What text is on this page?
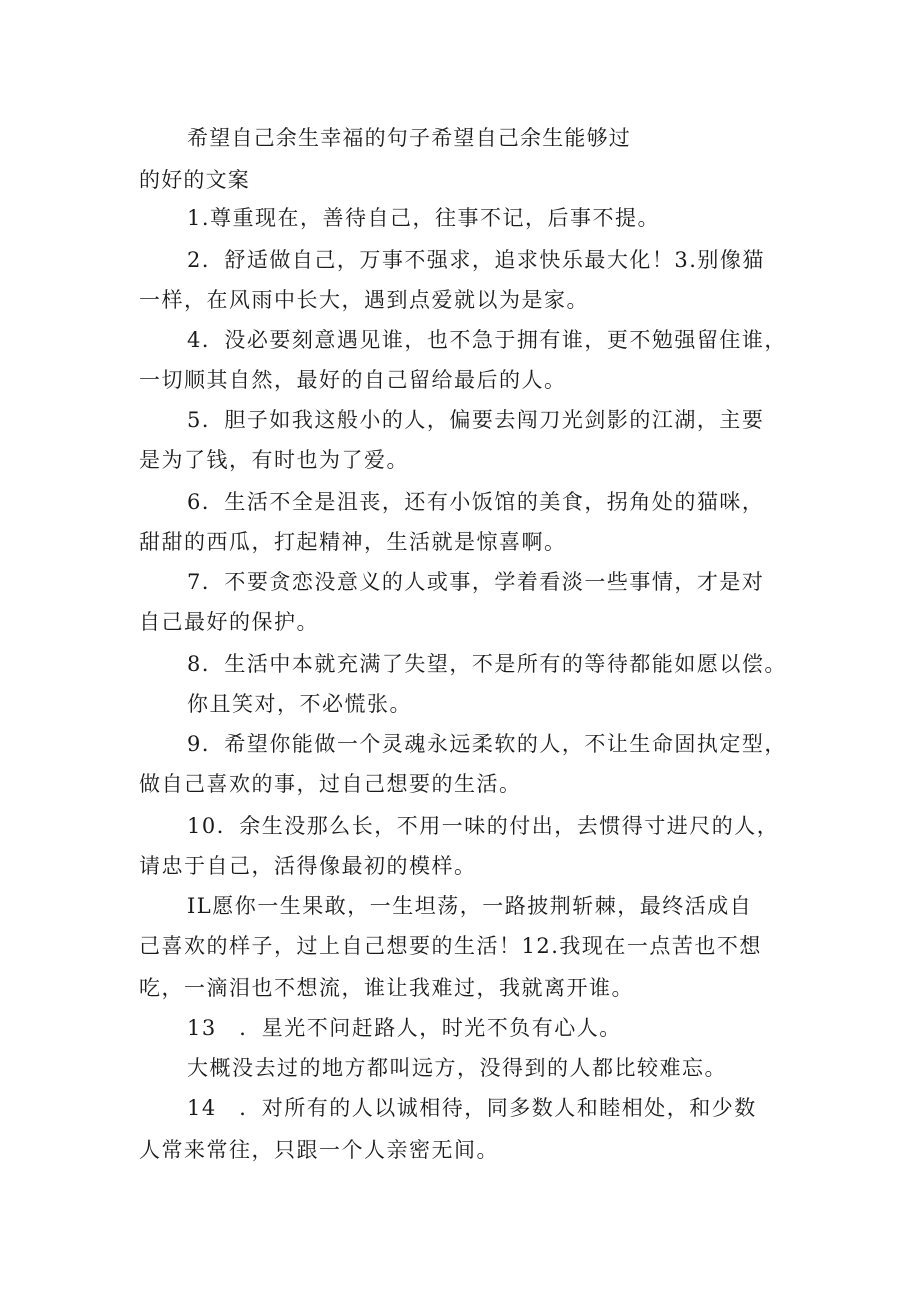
希望自己余生幸福的句子希望自己余生能够过
的好的文案
1.尊重现在，善待自己，往事不记，后事不提。
2．舒适做自己，万事不强求，追求快乐最大化！3.别像猫
一样，在风雨中长大，遇到点爱就以为是家。
4．没必要刻意遇见谁，也不急于拥有谁，更不勉强留住谁，
一切顺其自然，最好的自己留给最后的人。
5．胆子如我这般小的人，偏要去闯刀光剑影的江湖，主要
是为了钱，有时也为了爱。
6．生活不全是沮丧，还有小饭馆的美食，拐角处的猫咪，
甜甜的西瓜，打起精神，生活就是惊喜啊。
7．不要贪恋没意义的人或事，学着看淡一些事情，才是对
自己最好的保护。
8．生活中本就充满了失望，不是所有的等待都能如愿以偿。
你且笑对，不必慌张。
9．希望你能做一个灵魂永远柔软的人，不让生命固执定型，
做自己喜欢的事，过自己想要的生活。
10．余生没那么长，不用一味的付出，去惯得寸进尺的人，
请忠于自己，活得像最初的模样。
IL愿你一生果敢，一生坦荡，一路披荆斩棘，最终活成自
己喜欢的样子，过上自己想要的生活！12.我现在一点苦也不想
吃，一滴泪也不想流，谁让我难过，我就离开谁。
13　．星光不问赶路人，时光不负有心人。
大概没去过的地方都叫远方，没得到的人都比较难忘。
14　．对所有的人以诚相待，同多数人和睦相处，和少数
人常来常往，只跟一个人亲密无间。
